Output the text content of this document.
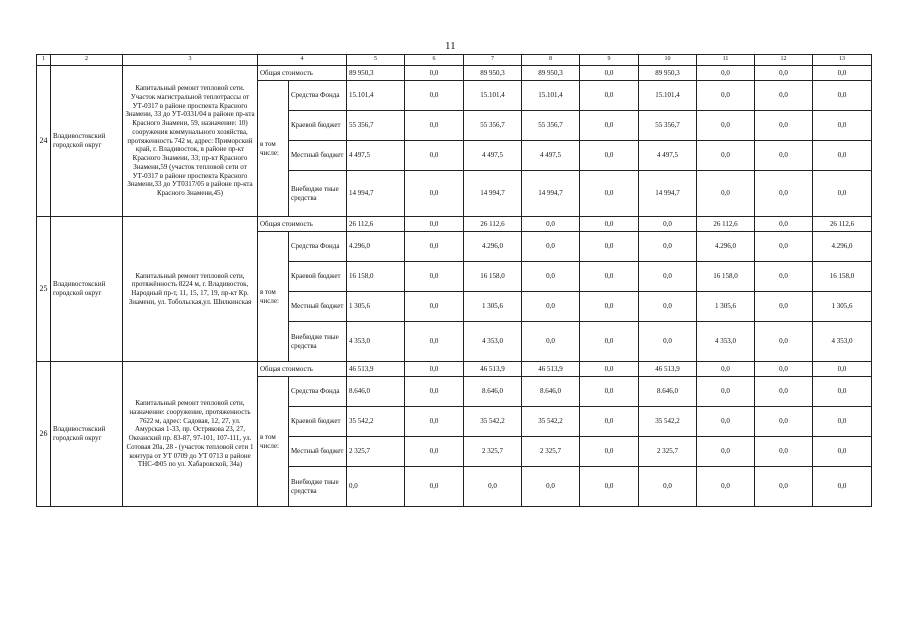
11
1	2	3	4		5	6	7	8	9	10	11	12	13
24	Владивостокский городской округ	Капитальный ремонт тепловой сети. Участок магистральной теплотрассы от УТ-0317 в районе проспекта Красного Знамени, 33 до УТ-0331/04 в районе пр-кта Красного Знамени, 59, назначение: 10) сооружения коммунального хозяйства, протяженность 742 м, адрес: Приморский край, г. Владивосток, в районе пр-кт Красного Знамени, 33; пр-кт Красного Знамени,59 (участок тепловой сети от УТ-0317 в районе проспекта Красного Знамени,33 до УТ0317/05 в районе пр-кта Красного Знамени,45)	Общая стоимость		89 950,3	0,0	89 950,3	89 950,3	0,0	89 950,3	0,0	0,0	0,0
			в том числе:	Средства Фонда	15.101,4	0,0	15.101,4	15.101,4	0,0	15.101,4	0,0	0,0	0,0
				Краевой бюджет	55 356,7	0,0	55 356,7	55 356,7	0,0	55 356,7	0,0	0,0	0,0
				Местный бюджет	4 497,5	0,0	4 497,5	4 497,5	0,0	4 497,5	0,0	0,0	0,0
				Внебюдже тные средства	14 994,7	0,0	14 994,7	14 994,7	0,0	14 994,7	0,0	0,0	0,0
25	Владивостокский городской округ	Капитальный ремонт тепловой сети, протяжённость 8224 м, г. Владивосток, Народный пр-т, 11, 15, 17, 19, пр-кт Кр. Знамени, ул. Тобольская,ул. Шилкинская	Общая стоимость		26 112,6	0,0	26 112,6	0,0	0,0	0,0	26 112,6	0,0	26 112,6
			в том числе:	Средства Фонда	4.296,0	0,0	4.296,0	0,0	0,0	0,0	4.296,0	0,0	4.296,0
				Краевой бюджет	16 158,0	0,0	16 158,0	0,0	0,0	0,0	16 158,0	0,0	16 158,0
				Местный бюджет	1 305,6	0,0	1 305,6	0,0	0,0	0,0	1 305,6	0,0	1 305,6
				Внебюдже тные средства	4 353,0	0,0	4 353,0	0,0	0,0	0,0	4 353,0	0,0	4 353,0
26	Владивостокский городской округ	Капитальный ремонт тепловой сети, назначение: сооружение, протяженность 7622 м, адрес: Садовая, 12, 27, ул. Амурская 1-33, пр. Острякова 23, 27, Океанский пр. 83-87, 97-101, 107-111, ул. Сотовая 20а, 28 - (участок тепловой сети 1 контура от УТ 0709 до УТ 0713 в районе ТНС-Ф05 по ул. Хабаровской, 34а)	Общая стоимость		46 513,9	0,0	46 513,9	46 513,9	0,0	46 513,9	0,0	0,0	0,0
			в том числе:	Средства Фонда	8.646,0	0,0	8.646,0	8.646,0	0,0	8.646,0	0,0	0,0	0,0
				Краевой бюджет	35 542,2	0,0	35 542,2	35 542,2	0,0	35 542,2	0,0	0,0	0,0
				Местный бюджет	2 325,7	0,0	2 325,7	2 325,7	0,0	2 325,7	0,0	0,0	0,0
				Внебюдже тные средства	0,0	0,0	0,0	0,0	0,0	0,0	0,0	0,0	0,0
